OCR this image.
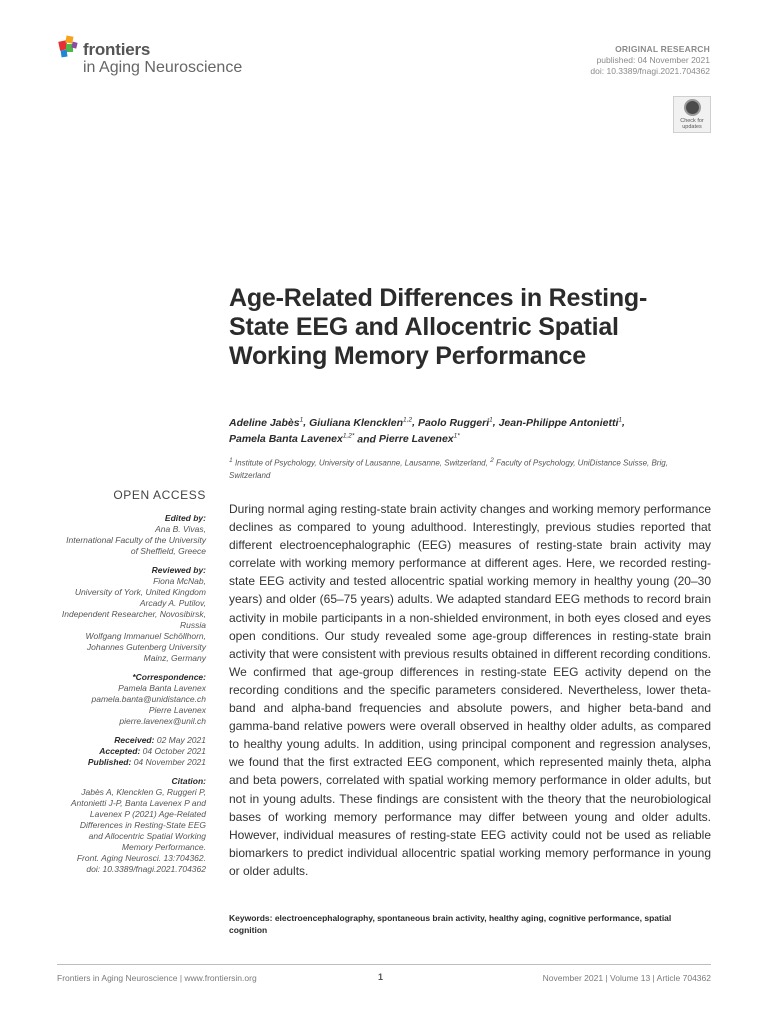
frontiers
in Aging Neuroscience
ORIGINAL RESEARCH
published: 04 November 2021
doi: 10.3389/fnagi.2021.704362
Check for
updates
Age-Related Differences in Resting-State EEG and Allocentric Spatial Working Memory Performance
Adeline Jabès$^1$, Giuliana Klencklen$^{1,2}$, Paolo Ruggeri$^1$, Jean-Philippe Antonietti$^1$,
Pamela Banta Lavenex$^{1,2*}$ and Pierre Lavenex$^{1*}$
$^1$ Institute of Psychology, University of Lausanne, Lausanne, Switzerland, $^2$ Faculty of Psychology, UniDistance Suisse, Brig, Switzerland
OPEN ACCESS
Edited by:
Ana B. Vivas,
International Faculty of the University
of Sheffield, Greece
Reviewed by:
Fiona McNab,
University of York, United Kingdom
Arcady A. Putilov,
Independent Researcher, Novosibirsk,
Russia
Wolfgang Immanuel Schöllhorn,
Johannes Gutenberg University
Mainz, Germany
*Correspondence:
Pamela Banta Lavenex
pamela.banta@unidistance.ch
Pierre Lavenex
pierre.lavenex@unil.ch
Received: 02 May 2021
Accepted: 04 October 2021
Published: 04 November 2021
Citation:
Jabès A, Klencklen G, Ruggeri P,
Antonietti J-P, Banta Lavenex P and
Lavenex P (2021) Age-Related
Differences in Resting-State EEG
and Allocentric Spatial Working
Memory Performance.
Front. Aging Neurosci. 13:704362.
doi: 10.3389/fnagi.2021.704362

During normal aging resting-state brain activity changes and working memory performance declines as compared to young adulthood. Interestingly, previous studies reported that different electroencephalographic (EEG) measures of resting-state brain activity may correlate with working memory performance at different ages. Here, we recorded resting-state EEG activity and tested allocentric spatial working memory in healthy young (20–30 years) and older (65–75 years) adults. We adapted standard EEG methods to record brain activity in mobile participants in a non-shielded environment, in both eyes closed and eyes open conditions. Our study revealed some age-group differences in resting-state brain activity that were consistent with previous results obtained in different recording conditions. We confirmed that age-group differences in resting-state EEG activity depend on the recording conditions and the specific parameters considered. Nevertheless, lower theta-band and alpha-band frequencies and absolute powers, and higher beta-band and gamma-band relative powers were overall observed in healthy older adults, as compared to healthy young adults. In addition, using principal component and regression analyses, we found that the first extracted EEG component, which represented mainly theta, alpha and beta powers, correlated with spatial working memory performance in older adults, but not in young adults. These findings are consistent with the theory that the neurobiological bases of working memory performance may differ between young and older adults. However, individual measures of resting-state EEG activity could not be used as reliable biomarkers to predict individual allocentric spatial working memory performance in young or older adults.

Keywords: electroencephalography, spontaneous brain activity, healthy aging, cognitive performance, spatial cognition

Frontiers in Aging Neuroscience | www.frontiersin.org	1	November 2021 | Volume 13 | Article 704362
